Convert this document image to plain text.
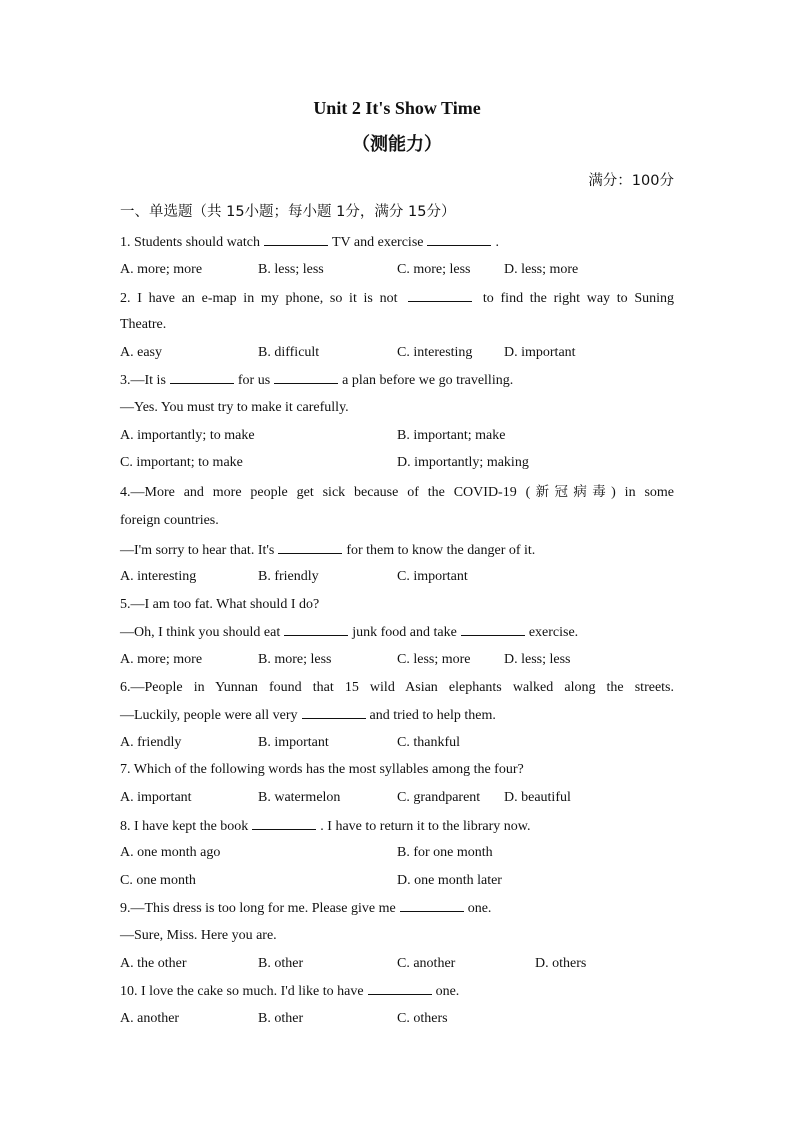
Unit 2 It's Show Time
（测能力）
满分：100分
一、单选题（共 15小题；每小题 1分，满分 15分）
1. Students should watch	TV and exercise	.
A. more; more	B. less; less	C. more; less D. less; more
2. I have an e-map in my phone, so it is not	to find the right way to Suning
Theatre.
A. easy	B. difficult	C. interesting D. important
3.—It is	for us	a plan before we go travelling.
—Yes. You must try to make it carefully.
A. importantly; to make	B. important; make
C. important; to make	D. importantly; making
4.—More and more people get sick because of the COVID-19 (新冠病毒) in some
foreign countries.
—I'm sorry to hear that. It's	for them to know the danger of it.
A. interesting	B. friendly	C. important
5.—I am too fat. What should I do?
—Oh, I think you should eat	junk food and take	exercise.
A. more; more	B. more; less	C. less; more D. less; less
6.—People in Yunnan found that 15 wild Asian elephants walked along the streets.
—Luckily, people were all very	and tried to help them.
A. friendly	B. important	C. thankful
7. Which of the following words has the most syllables among the four?
A. important	B. watermelon	C. grandparent D. beautiful
8. I have kept the book	. I have to return it to the library now.
A. one month ago	B. for one month
C. one month	D. one month later
9.—This dress is too long for me. Please give me	one.
—Sure, Miss. Here you are.
A. the other	B. other	C. another	D. others
10. I love the cake so much. I'd like to have	one.
A. another	B. other	C. others
